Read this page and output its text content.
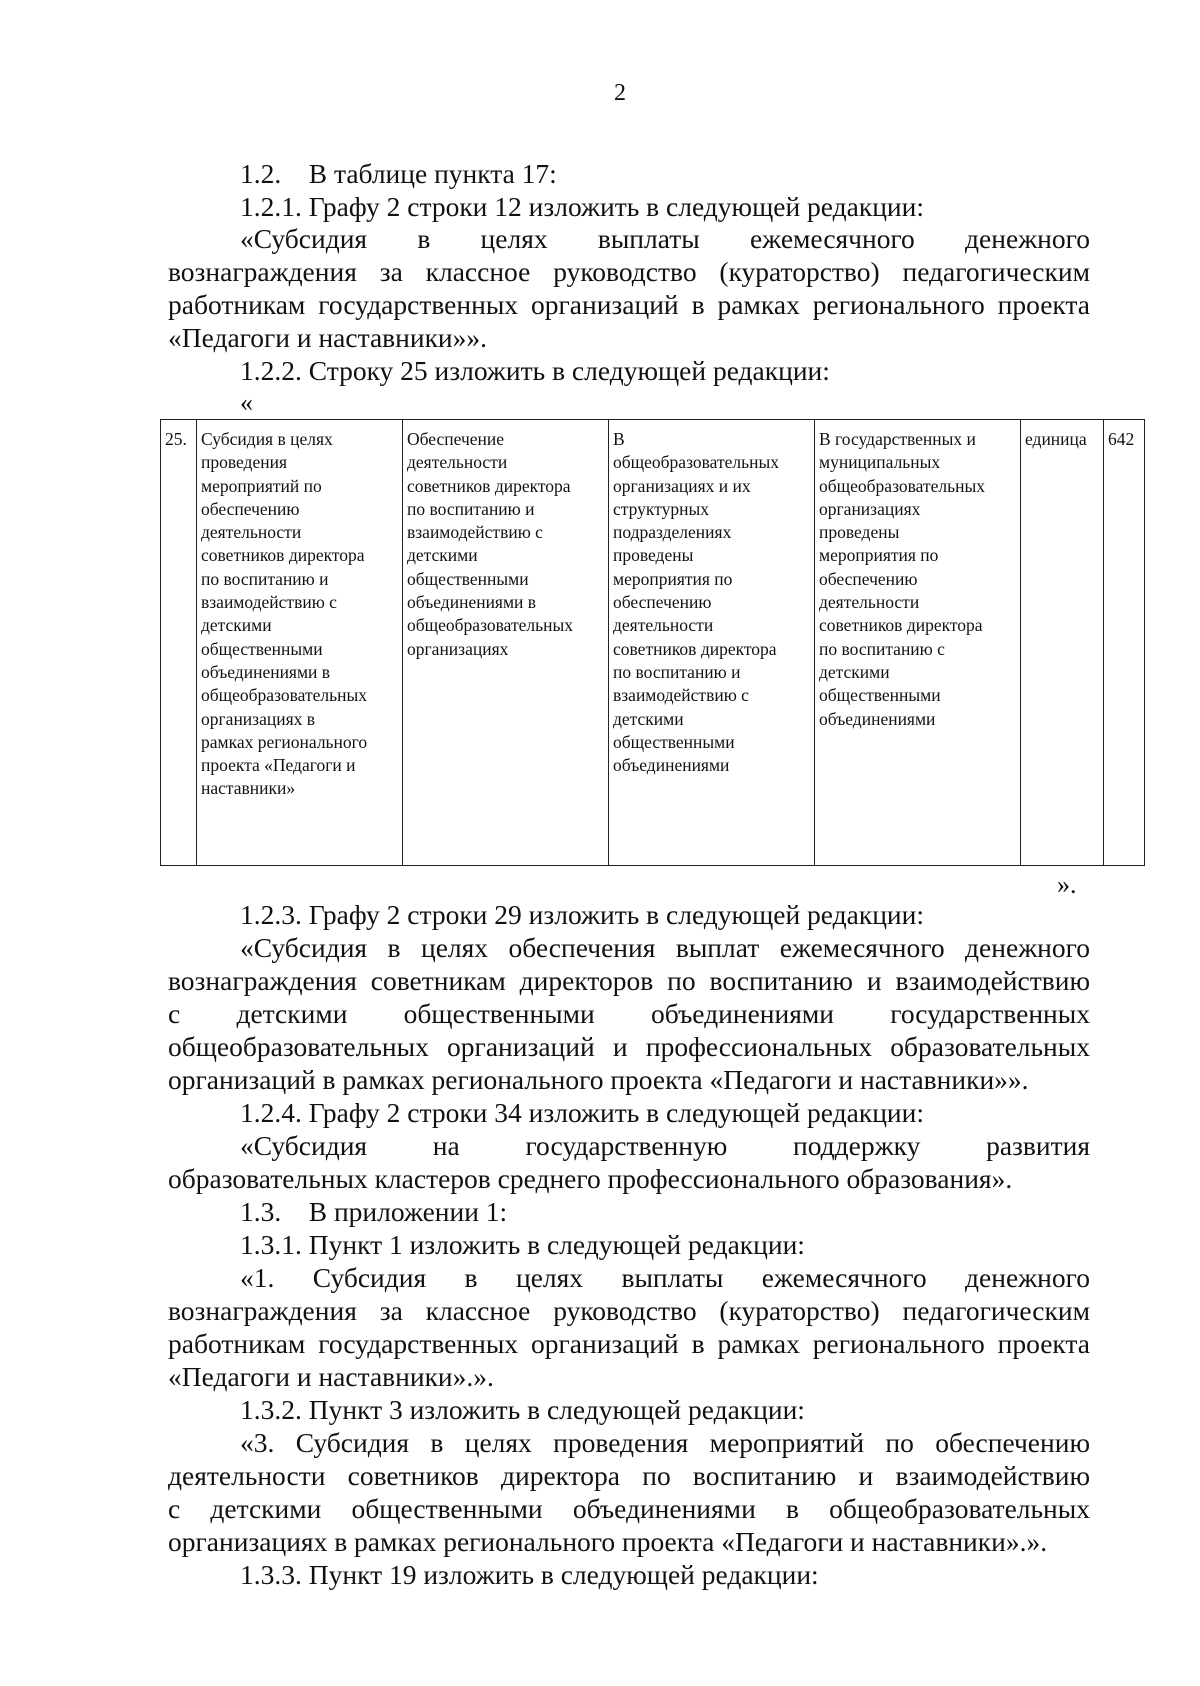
2
1.2.    В таблице пункта 17:
1.2.1. Графу 2 строки 12 изложить в следующей редакции:
«Субсидия в целях выплаты ежемесячного денежного
вознаграждения за классное руководство (кураторство) педагогическим
работникам государственных организаций в рамках регионального проекта
«Педагоги и наставники»».
1.2.2. Строку 25 изложить в следующей редакции:
«
25.	Субсидия в целях
проведения
мероприятий по
обеспечению
деятельности
советников директора
по воспитанию и
взаимодействию с
детскими
общественными
объединениями в
общеобразовательных
организациях в
рамках регионального
проекта «Педагоги и
наставники»	Обеспечение
деятельности
советников директора
по воспитанию и
взаимодействию с
детскими
общественными
объединениями в
общеобразовательных
организациях	В
общеобразовательных
организациях и их
структурных
подразделениях
проведены
мероприятия по
обеспечению
деятельности
советников директора
по воспитанию и
взаимодействию с
детскими
общественными
объединениями	В государственных и
муниципальных
общеобразовательных
организациях
проведены
мероприятия по
обеспечению
деятельности
советников директора
по воспитанию с
детскими
общественными
объединениями	единица	642
».
1.2.3. Графу 2 строки 29 изложить в следующей редакции:
«Субсидия в целях обеспечения выплат ежемесячного денежного
вознаграждения советникам директоров по воспитанию и взаимодействию
с детскими общественными объединениями государственных
общеобразовательных организаций и профессиональных образовательных
организаций в рамках регионального проекта «Педагоги и наставники»».
1.2.4. Графу 2 строки 34 изложить в следующей редакции:
«Субсидия на государственную поддержку развития
образовательных кластеров среднего профессионального образования».
1.3.    В приложении 1:
1.3.1. Пункт 1 изложить в следующей редакции:
«1. Субсидия в целях выплаты ежемесячного денежного
вознаграждения за классное руководство (кураторство) педагогическим
работникам государственных организаций в рамках регионального проекта
«Педагоги и наставники».».
1.3.2. Пункт 3 изложить в следующей редакции:
«3. Субсидия в целях проведения мероприятий по обеспечению
деятельности советников директора по воспитанию и взаимодействию
с детскими общественными объединениями в общеобразовательных
организациях в рамках регионального проекта «Педагоги и наставники».».
1.3.3. Пункт 19 изложить в следующей редакции:
